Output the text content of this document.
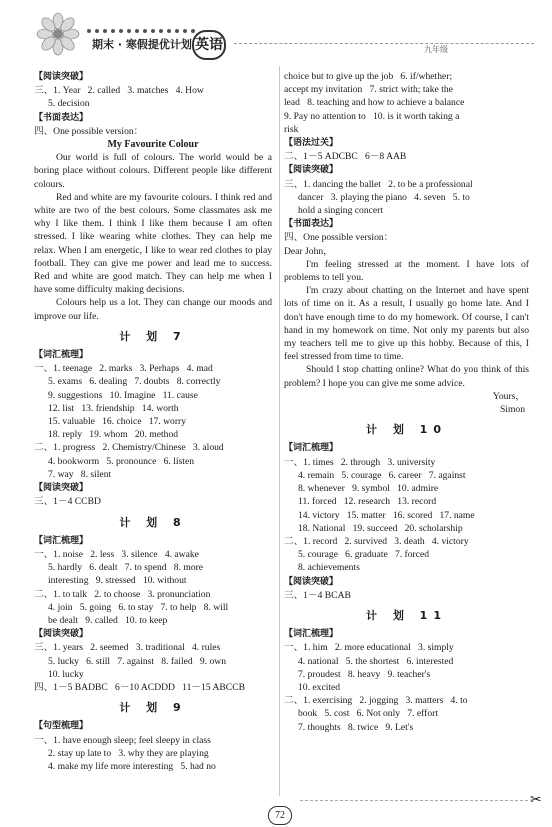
期末 · 寒假提优计划 英语	九年级
【阅读突破】
三、1. Year   2. called   3. matches   4. How
5. decision
【书面表达】
四、One possible version：
My Favourite Colour

Our world is full of colours. The world would be a boring place without colours. Different people like different colours.

Red and white are my favourite colours. I think red and white are two of the best colours. Some classmates ask me why I like them. I think I like them because I am often stressed. I like wearing white clothes. They can help me relax. When I am energetic, I like to wear red clothes to play football. They can give me power and lead me to success. Red and white are good match. They can help me when I have some difficulty making decisions.

Colours help us a lot. They can change our moods and improve our life.

计 划 7
【词汇梳理】
一、1. teenage   2. marks   3. Perhaps   4. mad
5. exams   6. dealing   7. doubts   8. correctly
9. suggestions   10. Imagine   11. cause
12. list   13. friendship   14. worth
15. valuable   16. choice   17. worry
18. reply   19. whom   20. method
二、1. progress   2. Chemistry/Chinese   3. aloud
4. bookworm   5. pronounce   6. listen
7. way   8. silent
【阅读突破】
三、1－4 CCBD
计 划 8
【词汇梳理】
一、1. noise   2. less   3. silence   4. awake
5. hardly   6. dealt   7. to spend   8. more
interesting   9. stressed   10. without
二、1. to talk   2. to choose   3. pronunciation
4. join   5. going   6. to stay   7. to help   8. will
be dealt   9. called   10. to keep
【阅读突破】
三、1. years   2. seemed   3. traditional   4. rules
5. lucky   6. still   7. against   8. failed   9. own
10. lucky
四、1－5 BADBC   6－10 ACDDD   11－15 ABCCB
计 划 9
【句型梳理】
一、1. have enough sleep; feel sleepy in class
2. stay up late to   3. why they are playing
4. make my life more interesting   5. had no
choice but to give up the job   6. if/whether;
accept my invitation   7. strict with; take the
lead   8. teaching and how to achieve a balance
9. Pay no attention to   10. is it worth taking a
risk
【语法过关】
二、1－5 ADCBC   6－8 AAB
【阅读突破】
三、1. dancing the ballet   2. to be a professional
dancer   3. playing the piano   4. seven   5. to
hold a singing concert
【书面表达】
四、One possible version：
Dear John，

I'm feeling stressed at the moment. I have lots of problems to tell you.

I'm crazy about chatting on the Internet and have spent lots of time on it. As a result, I usually go home late. And I don't have enough time to do my homework. Of course, I can't hand in my homework on time. Not only my parents but also my teachers tell me to give up this hobby. Because of this, I feel stressed from time to time.

Should I stop chatting online? What do you think of this problem? I hope you can give me some advice.

Yours，
Simon
计 划 10
【词汇梳理】
一、1. times   2. through   3. university
4. remain   5. courage   6. career   7. against
8. whenever   9. symbol   10. admire
11. forced   12. research   13. record
14. victory   15. matter   16. scored   17. name
18. National   19. succeed   20. scholarship
二、1. record   2. survived   3. death   4. victory
5. courage   6. graduate   7. forced
8. achievements
【阅读突破】
三、1－4 BCAB
计 划 11
【词汇梳理】
一、1. him   2. more educational   3. simply
4. national   5. the shortest   6. interested
7. proudest   8. heavy   9. teacher's
10. excited
二、1. exercising   2. jogging   3. matters   4. to
book   5. cost   6. Not only   7. effort
7. thoughts   8. twice   9. Let's
✂
72
